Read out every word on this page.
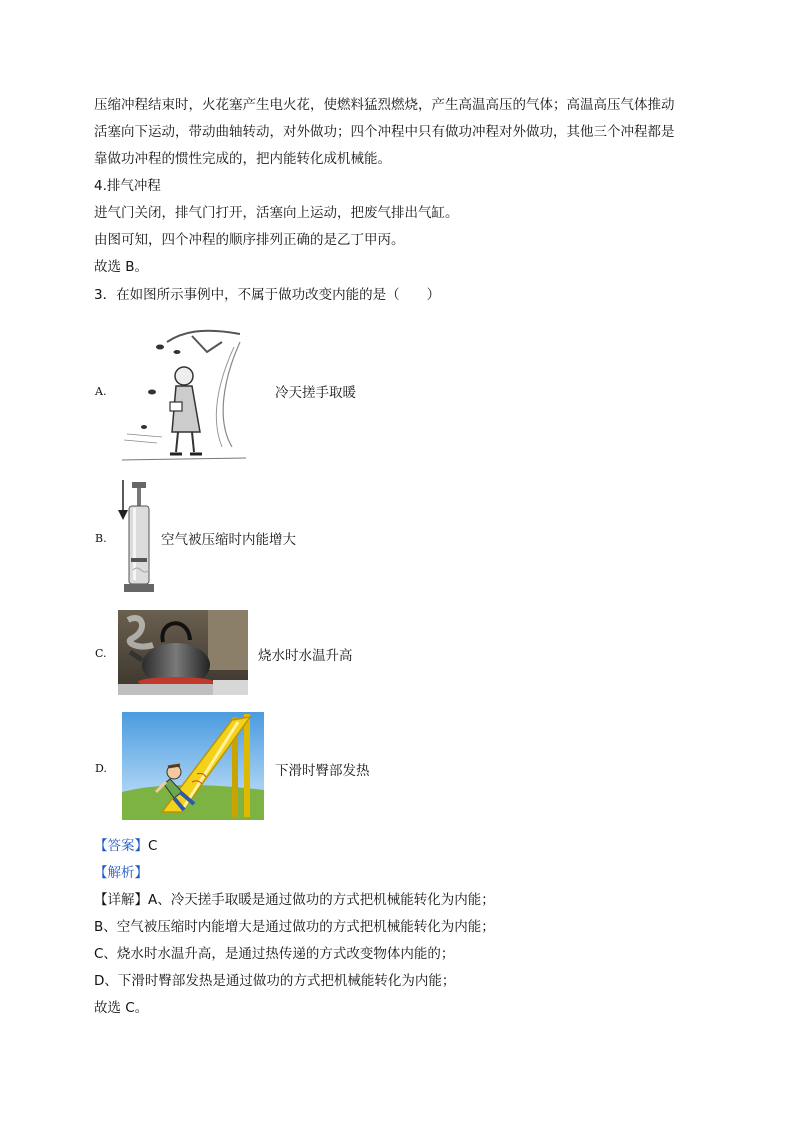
压缩冲程结束时，火花塞产生电火花，使燃料猛烈燃烧，产生高温高压的气体；高温高压气体推动
活塞向下运动，带动曲轴转动，对外做功；四个冲程中只有做功冲程对外做功，其他三个冲程都是
靠做功冲程的惯性完成的，把内能转化成机械能。
4.排气冲程
进气门关闭，排气门打开，活塞向上运动，把废气排出气缸。
由图可知，四个冲程的顺序排列正确的是乙丁甲丙。
故选 B。
3．在如图所示事例中，不属于做功改变内能的是（　　）
A.	冷天搓手取暖
B.	空气被压缩时内能增大
C.	烧水时水温升高
D.	下滑时臀部发热
【答案】C
【解析】
【详解】A、冷天搓手取暖是通过做功的方式把机械能转化为内能；
B、空气被压缩时内能增大是通过做功的方式把机械能转化为内能；
C、烧水时水温升高，是通过热传递的方式改变物体内能的；
D、下滑时臀部发热是通过做功的方式把机械能转化为内能；
故选 C。
